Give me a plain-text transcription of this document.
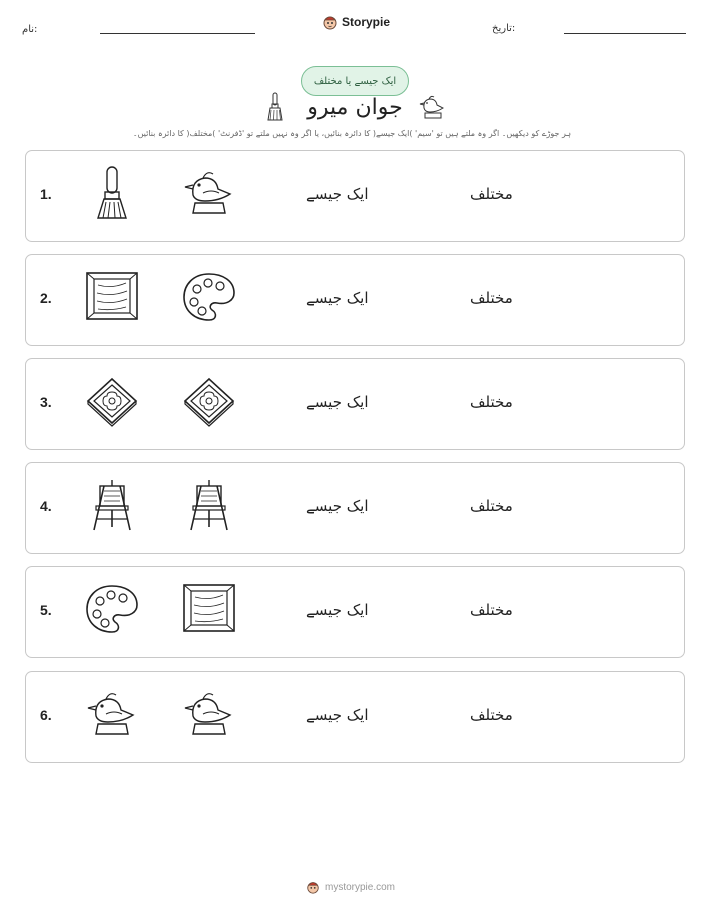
نام:
Storypie	تاریخ:
ایک جیسے یا مختلف
جوان میرو
ہر جوڑے کو دیکھیں۔ اگر وہ ملتے ہیں تو 'سیم' )ایک جیسے( کا دائرہ بنائیں، یا اگر وہ نہیں ملتے تو 'ڈفرنٹ' )مختلف( کا دائرہ بنائیں۔
1.	ایک جیسے	مختلف
2.	ایک جیسے	مختلف
3.	ایک جیسے	مختلف
4.	ایک جیسے	مختلف
5.	ایک جیسے	مختلف
6.	ایک جیسے	مختلف
mystorypie.com
